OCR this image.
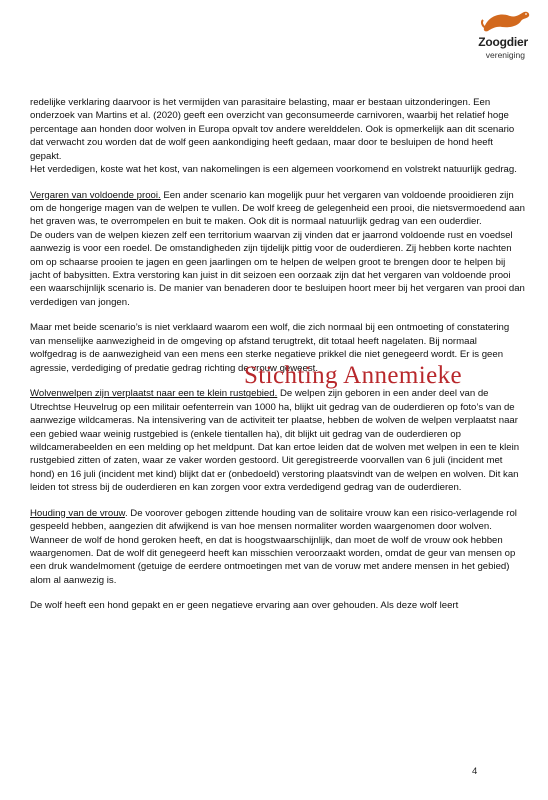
Zoogdier
vereniging

redelijke verklaring daarvoor is het vermijden van parasitaire belasting, maar er bestaan uitzonderingen. Een onderzoek van Martins et al. (2020) geeft een overzicht van geconsumeerde carnivoren, waarbij het relatief hoge percentage aan honden door wolven in Europa opvalt tov andere werelddelen. Ook is opmerkelijk aan dit scenario dat verwacht zou worden dat de wolf geen aankondiging heeft gedaan, maar door te besluipen de hond heeft gepakt.
Het verdedigen, koste wat het kost, van nakomelingen is een algemeen voorkomend en volstrekt natuurlijk gedrag.

Vergaren van voldoende prooi. Een ander scenario kan mogelijk puur het vergaren van voldoende prooidieren zijn om de hongerige magen van de welpen te vullen. De wolf kreeg de gelegenheid een prooi, die nietsvermoedend aan het graven was, te overrompelen en buit te maken. Ook dit is normaal natuurlijk gedrag van een ouderdier.
De ouders van de welpen kiezen zelf een territorium waarvan zij vinden dat er jaarrond voldoende rust en voedsel aanwezig is voor een roedel. De omstandigheden zijn tijdelijk pittig voor de ouderdieren. Zij hebben korte nachten om op schaarse prooien te jagen en geen jaarlingen om te helpen de welpen groot te brengen door te helpen bij jacht of babysitten. Extra verstoring kan juist in dit seizoen een oorzaak zijn dat het vergaren van voldoende prooi een waarschijnlijk scenario is. De manier van benaderen door te besluipen hoort meer bij het vergaren van prooi dan verdedigen van jongen.

Maar met beide scenario’s is niet verklaard waarom een wolf, die zich normaal bij een ontmoeting of constatering van menselijke aanwezigheid in de omgeving op afstand terugtrekt, dit totaal heeft nagelaten. Bij normaal wolfgedrag is de aanwezigheid van een mens een sterke negatieve prikkel die niet genegeerd wordt. Er is geen agressie, verdediging of predatie gedrag richting de vrouw geweest.

Wolvenwelpen zijn verplaatst naar een te klein rustgebied. De welpen zijn geboren in een ander deel van de Utrechtse Heuvelrug op een militair oefenterrein van 1000 ha, blijkt uit gedrag van de ouderdieren op foto’s van de aanwezige wildcameras. Na intensivering van de activiteit ter plaatse, hebben de wolven de welpen verplaatst naar een gebied waar weinig rustgebied is (enkele tientallen ha), dit blijkt uit gedrag van de ouderdieren op wildcamerabeelden en een melding op het meldpunt. Dat kan ertoe leiden dat de wolven met welpen in een te klein rustgebied zitten of zaten, waar ze vaker worden gestoord. Uit geregistreerde voorvallen van 6 juli (incident met hond) en 16 juli (incident met kind) blijkt dat er (onbedoeld) verstoring plaatsvindt van de welpen en wolven. Dit kan leiden tot stress bij de ouderdieren en kan zorgen voor extra verdedigend gedrag van de ouderdieren.

Houding van de vrouw. De voorover gebogen zittende houding van de solitaire vrouw kan een risico-verlagende rol gespeeld hebben, aangezien dit afwijkend is van hoe mensen normaliter worden waargenomen door wolven. Wanneer de wolf de hond geroken heeft, en dat is hoogstwaarschijnlijk, dan moet de wolf de vrouw ook hebben waargenomen. Dat de wolf dit genegeerd heeft kan misschien veroorzaakt worden, omdat de geur van mensen op een druk wandelmoment (getuige de eerdere ontmoetingen met van de voruw met andere mensen in het gebied) alom al aanwezig is.

De wolf heeft een hond gepakt en er geen negatieve ervaring aan over gehouden. Als deze wolf leert

Stichting Annemieke
4
